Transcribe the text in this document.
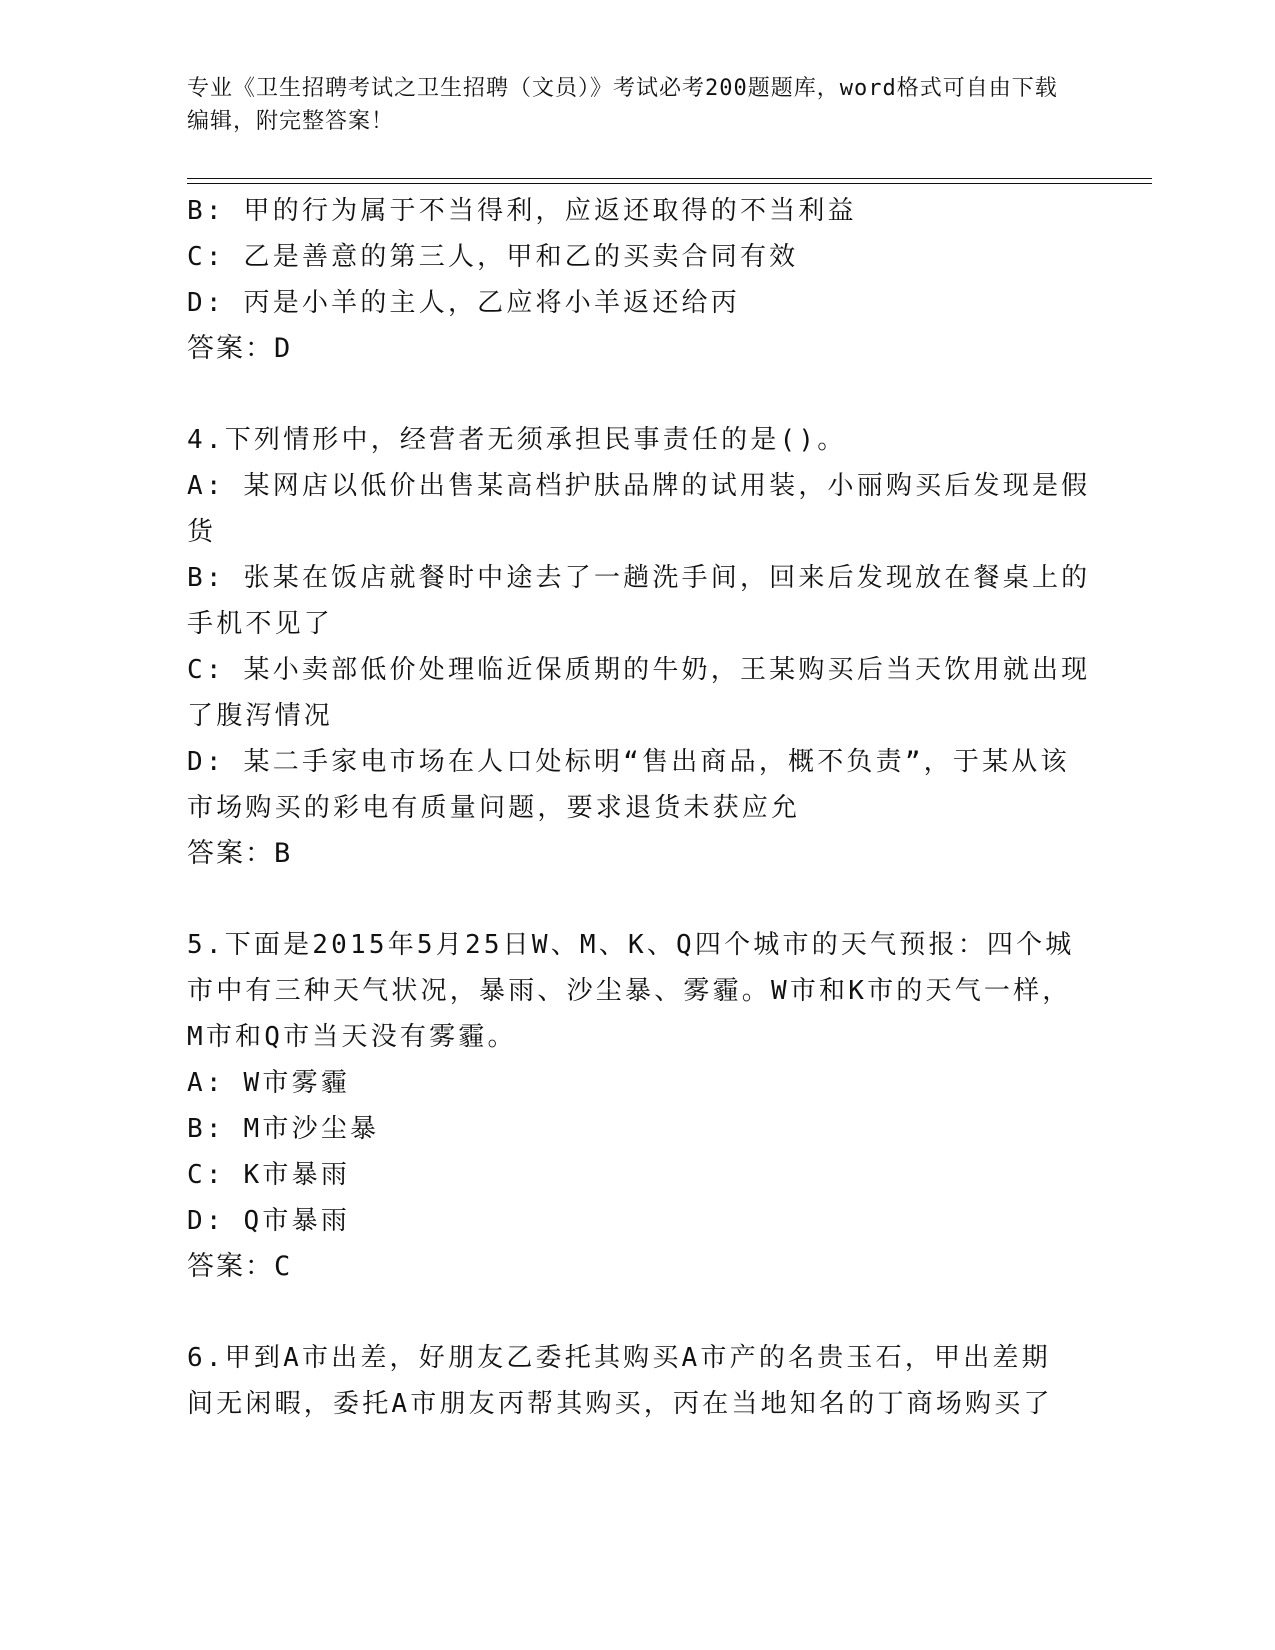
专业《卫生招聘考试之卫生招聘（文员）》考试必考200题题库，word格式可自由下载编辑，附完整答案！
B: 甲的行为属于不当得利，应返还取得的不当利益
C: 乙是善意的第三人，甲和乙的买卖合同有效
D: 丙是小羊的主人，乙应将小羊返还给丙
答案：D
4.下列情形中，经营者无须承担民事责任的是()。
A: 某网店以低价出售某高档护肤品牌的试用装，小丽购买后发现是假
货
B: 张某在饭店就餐时中途去了一趟洗手间，回来后发现放在餐桌上的
手机不见了
C: 某小卖部低价处理临近保质期的牛奶，王某购买后当天饮用就出现
了腹泻情况
D: 某二手家电市场在人口处标明“售出商品，概不负责”，于某从该
市场购买的彩电有质量问题，要求退货未获应允
答案：B
5.下面是2015年5月25日W、M、K、Q四个城市的天气预报：四个城
市中有三种天气状况，暴雨、沙尘暴、雾霾。W市和K市的天气一样，
M市和Q市当天没有雾霾。
A: W市雾霾
B: M市沙尘暴
C: K市暴雨
D: Q市暴雨
答案：C
6.甲到A市出差，好朋友乙委托其购买A市产的名贵玉石，甲出差期
间无闲暇，委托A市朋友丙帮其购买，丙在当地知名的丁商场购买了
